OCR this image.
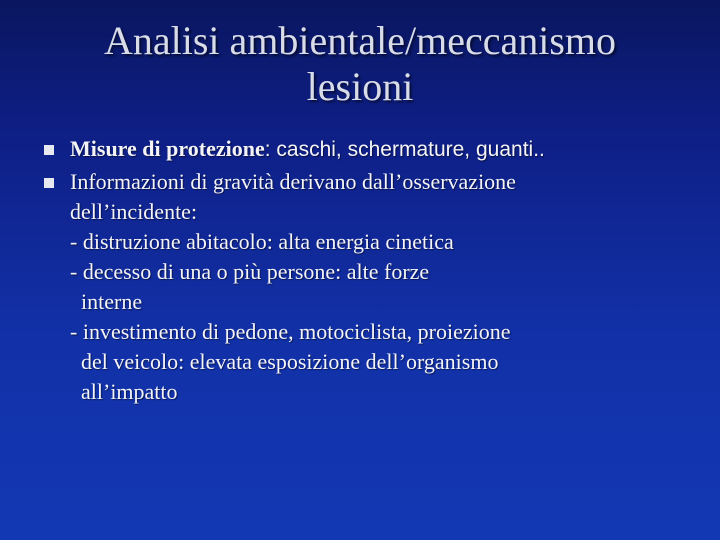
Analisi ambientale/meccanismo
lesioni
Misure di protezione: caschi, schermature, guanti..
Informazioni di gravità derivano dall’osservazione
dell’incidente:
- distruzione abitacolo: alta energia cinetica
- decesso di una o più persone: alte forze
interne
- investimento di pedone, motociclista, proiezione
del veicolo: elevata esposizione dell’organismo
all’impatto
